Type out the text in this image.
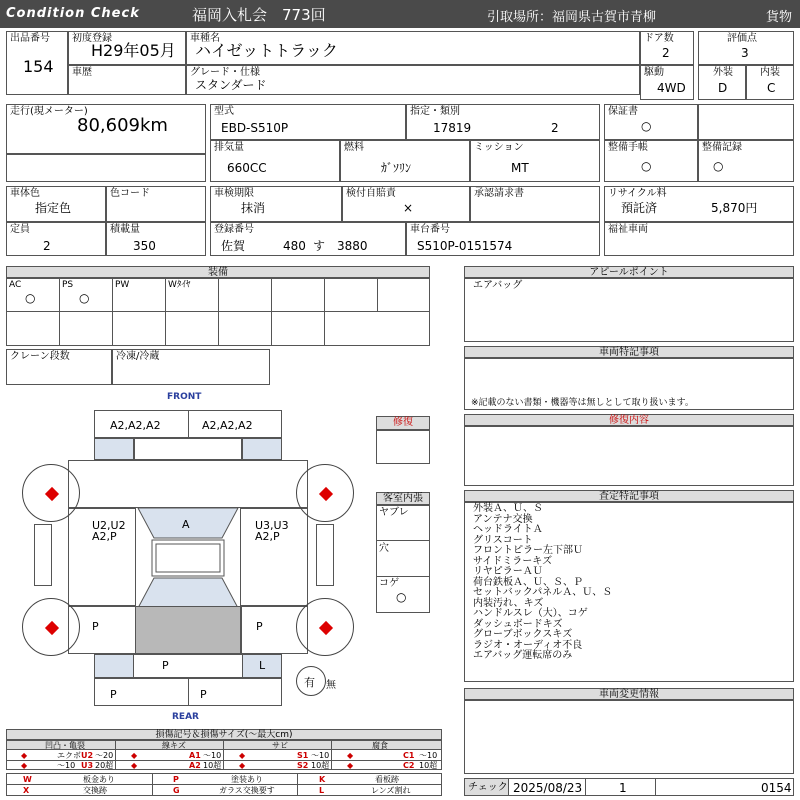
Condition Check	福岡入札会　773回	引取場所：福岡県古賀市青柳	貨物
出品番号
154
初度登録
H29年05月
車歴
車種名
ハイゼットトラック
グレード・仕様
スタンダード
ドア数
2
評価点
3
駆動
4WD
外装
D
内装
C
走行(現メーター)
80,609km
型式
EBD-S510P
指定・類別
17819	2
排気量
660CC
燃料
ｶﾞｿﾘﾝ
ミッション
MT
保証書
○
整備手帳
○
整備記録
○
車体色
指定色
色コード
定員
2
積載量
350
車検期限
抹消
検付自賠責
×
承認請求書
登録番号
佐賀	480 す 3880
車台番号
S510P-0151574
リサイクル料
預託済	5,870円
福祉車両
装備
AC
○
PS
○
PW	Wﾀｲﾔ
クレーン段数	冷凍/冷蔵
FRONT
REAR
A2,A2,A2	A2,A2,A2
U2,U2
A2,P
U3,U3
A2,P
A
P	P
P	L
P	P
有 無
修復
客室内張
ヤブレ
穴
コゲ
○
アピールポイント
エアバッグ
車両特記事項
※記載のない書類・機器等は無しとして取り扱います。
修復内容
査定特記事項
外装Ａ、Ｕ、Ｓ
アンテナ交換
ヘッドライトＡ
グリスコート
フロントピラー左下部Ｕ
サイドミラーキズ
リヤピラーＡＵ
荷台鉄板Ａ、Ｕ、Ｓ、Ｐ
セットバックパネルＡ、Ｕ、Ｓ
内装汚れ、キズ
ハンドルスレ（大）、コゲ
ダッシュボードキズ
グローブボックスキズ
ラジオ・オーディオ不良
エアバッグ運転席のみ
車両変更情報
チェック 2025/08/23	1	0154
損傷記号＆損傷サイズ(～最大cm)
凹凸・亀裂	線キズ	サビ	腐食
◆	エクボ U2 ～20 ◆	A1 ～10 ◆	S1 ～10 ◆	C1 ～10
◆	～10 U3 20超 ◆	A2 10超 ◆	S2 10超 ◆	C2 10超
W	板金あり	P	塗装あり	K	看板跡
X	交換跡	G	ガラス交換要す	L	レンズ割れ
